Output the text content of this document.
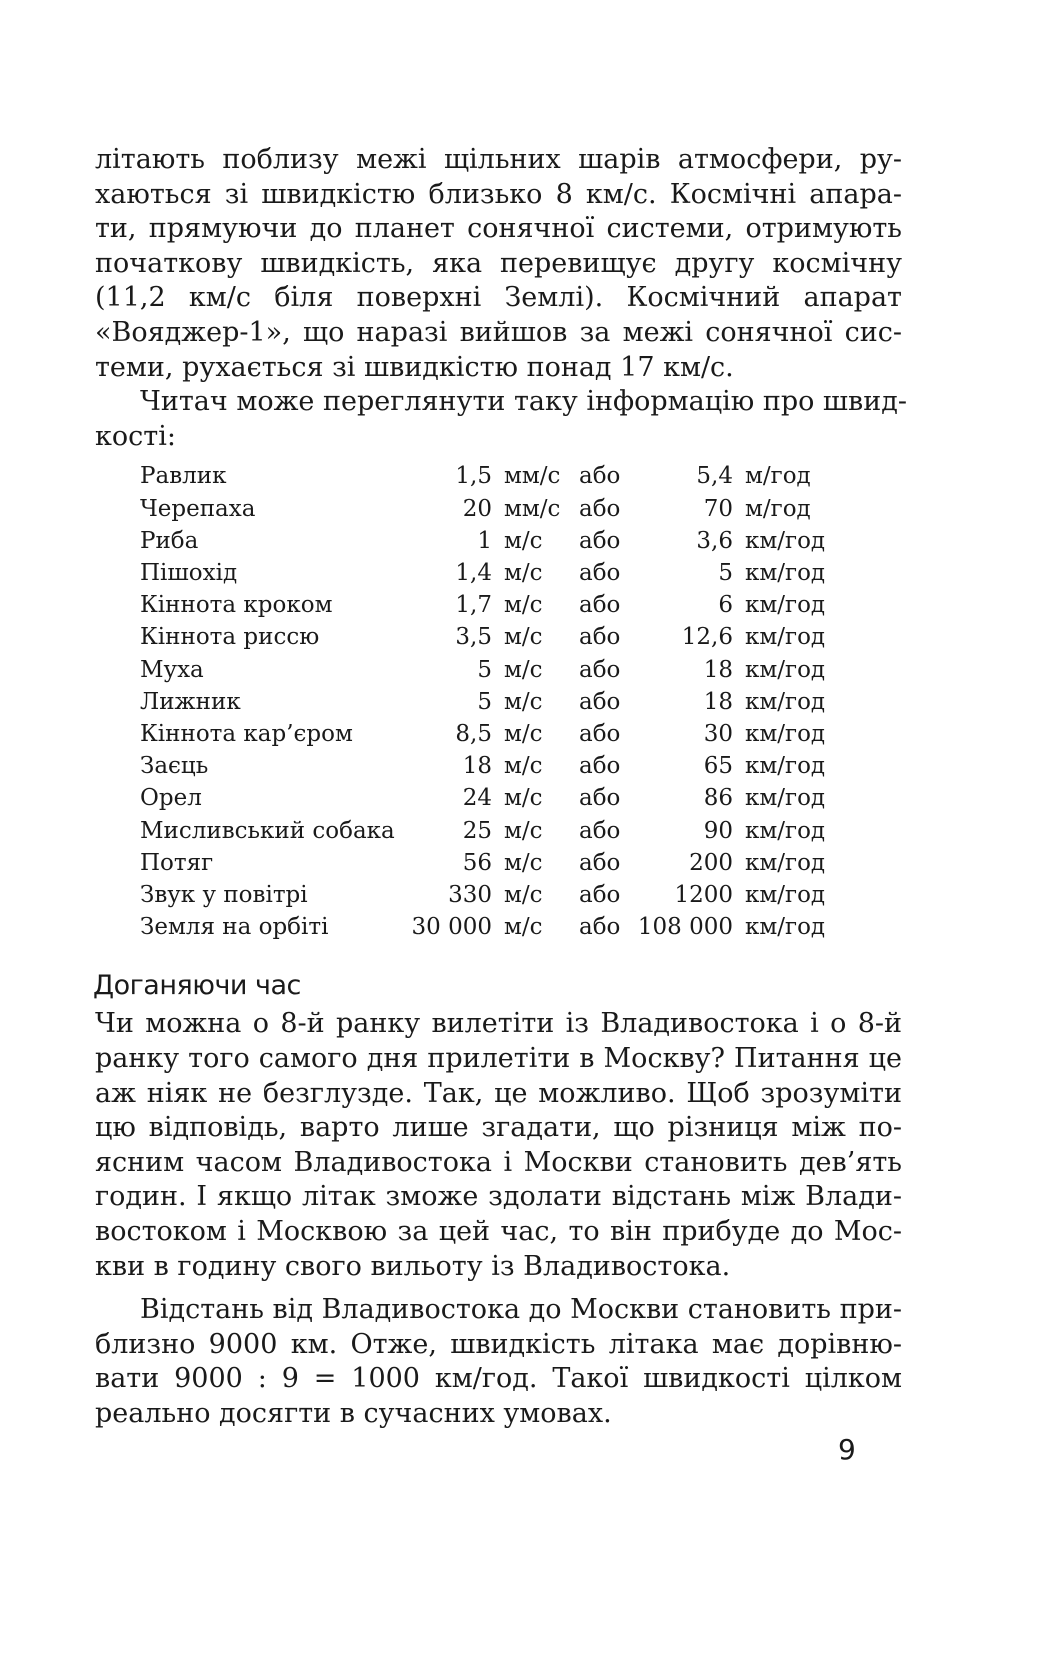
літають поблизу межі щільних шарів атмосфери, ру-
хаються зі швидкістю близько 8 км/с. Космічні апара-
ти, прямуючи до планет сонячної системи, отримують
початкову швидкість, яка перевищує другу космічну
(11,2 км/с біля поверхні Землі). Космічний апарат
«Вояджер-1», що наразі вийшов за межі сонячної сис-
теми, рухається зі швидкістю понад 17 км/с.

Читач може переглянути таку інформацію про швид-
кості:

Равлик	1,5	мм/с	або	5,4	м/год
Черепаха	20	мм/с	або	70	м/год
Риба	1	м/с	або	3,6	км/год
Пішохід	1,4	м/с	або	5	км/год
Кіннота кроком	1,7	м/с	або	6	км/год
Кіннота риссю	3,5	м/с	або	12,6	км/год
Муха	5	м/с	або	18	км/год
Лижник	5	м/с	або	18	км/год
Кіннота кар’єром	8,5	м/с	або	30	км/год
Заєць	18	м/с	або	65	км/год
Орел	24	м/с	або	86	км/год
Мисливський собака	25	м/с	або	90	км/год
Потяг	56	м/с	або	200	км/год
Звук у повітрі	330	м/с	або	1200	км/год
Земля на орбіті	30 000	м/с	або	108 000	км/год
Доганяючи час

Чи можна о 8-й ранку вилетіти із Владивостока і о 8-й
ранку того самого дня прилетіти в Москву? Питання це
аж ніяк не безглузде. Так, це можливо. Щоб зрозуміти
цю відповідь, варто лише згадати, що різниця між по-
ясним часом Владивостока і Москви становить дев’ять
годин. І якщо літак зможе здолати відстань між Влади-
востоком і Москвою за цей час, то він прибуде до Мос-
кви в годину свого вильоту із Владивостока.

Відстань від Владивостока до Москви становить при-
близно 9000 км. Отже, швидкість літака має дорівню-
вати 9000 : 9 = 1000 км/год. Такої швидкості цілком
реально досягти в сучасних умовах.

9
